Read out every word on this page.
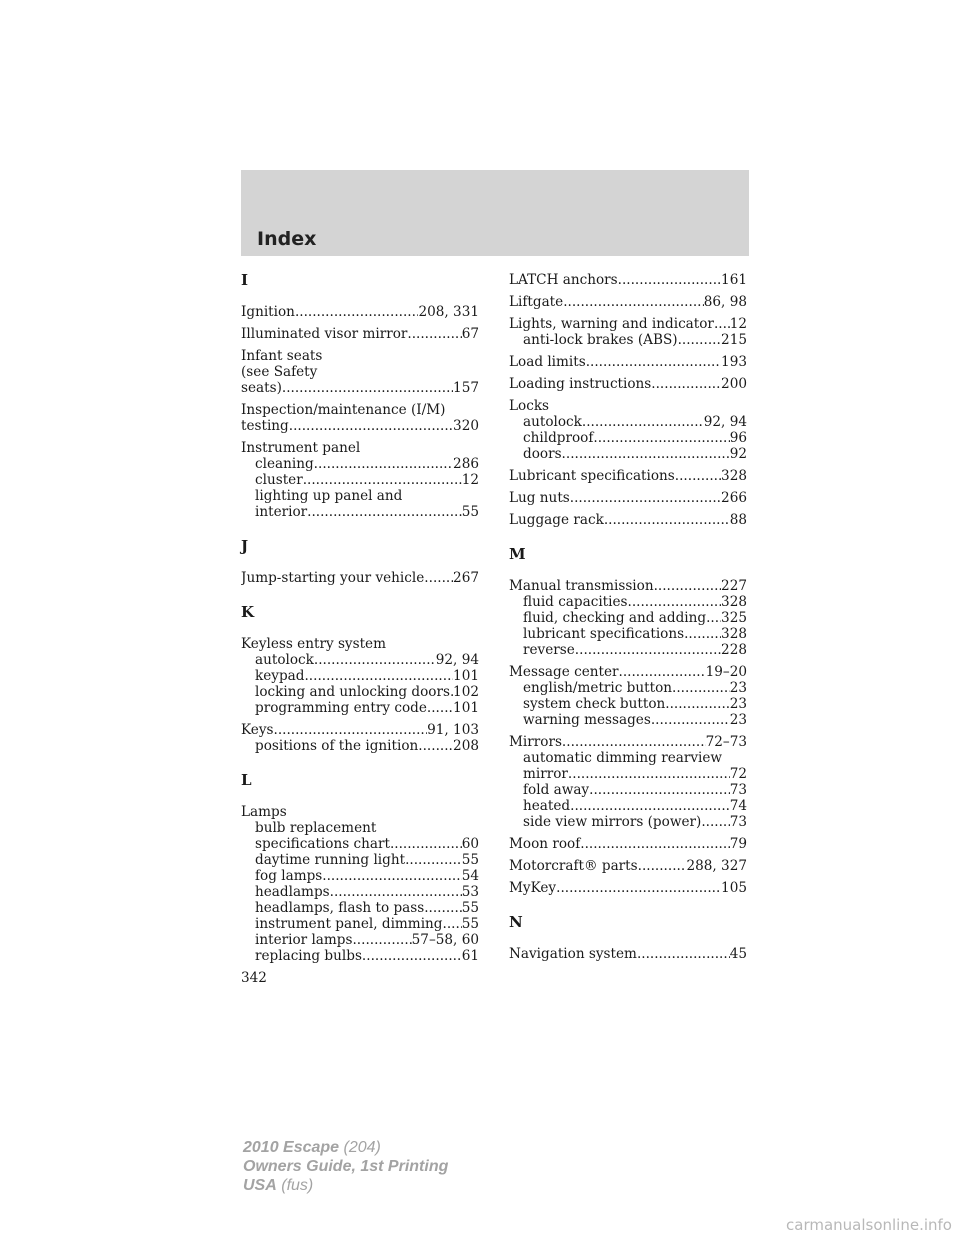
Index
I
Ignition .....	208, 331
Illuminated visor mirror .....	67
Infant seats
(see Safety
seats) .....	157
Inspection/maintenance (I/M)
testing .....	320
Instrument panel
cleaning .....	286
cluster .....	12
lighting up panel and
interior .....	55
J
Jump-starting your vehicle ..... 267
K
Keyless entry system
autolock .....	92, 94
keypad .....	101
locking and unlocking doors ..... 102
programming entry code ..... 101
Keys .....	91, 103
positions of the ignition .....	208
L
Lamps
bulb replacement
specifications chart .....	60
daytime running light .....	55
fog lamps .....	54
headlamps .....	53
headlamps, flash to pass .....	55
instrument panel, dimming ..... 55
interior lamps .....	57–58, 60
replacing bulbs .....	61
LATCH anchors .....	161
Liftgate .....	86, 98
Lights, warning and indicator ..... 12
anti-lock brakes (ABS) .....	215
Load limits .....	193
Loading instructions .....	200
Locks
autolock .....	92, 94
childproof .....	96
doors .....	92
Lubricant specifications .....	328
Lug nuts .....	266
Luggage rack .....	88
M
Manual transmission .....	227
fluid capacities .....	328
fluid, checking and adding ..... 325
lubricant specifications .....	328
reverse .....	228
Message center .....	19–20
english/metric button .....	23
system check button .....	23
warning messages .....	23
Mirrors .....	72–73
automatic dimming rearview
mirror .....	72
fold away .....	73
heated .....	74
side view mirrors (power) ..... 73
Moon roof .....	79
Motorcraft® parts .....	288, 327
MyKey .....	105
N
Navigation system .....	45
342
2010 Escape (204)
Owners Guide, 1st Printing
USA (fus)
carmanualsonline.info
